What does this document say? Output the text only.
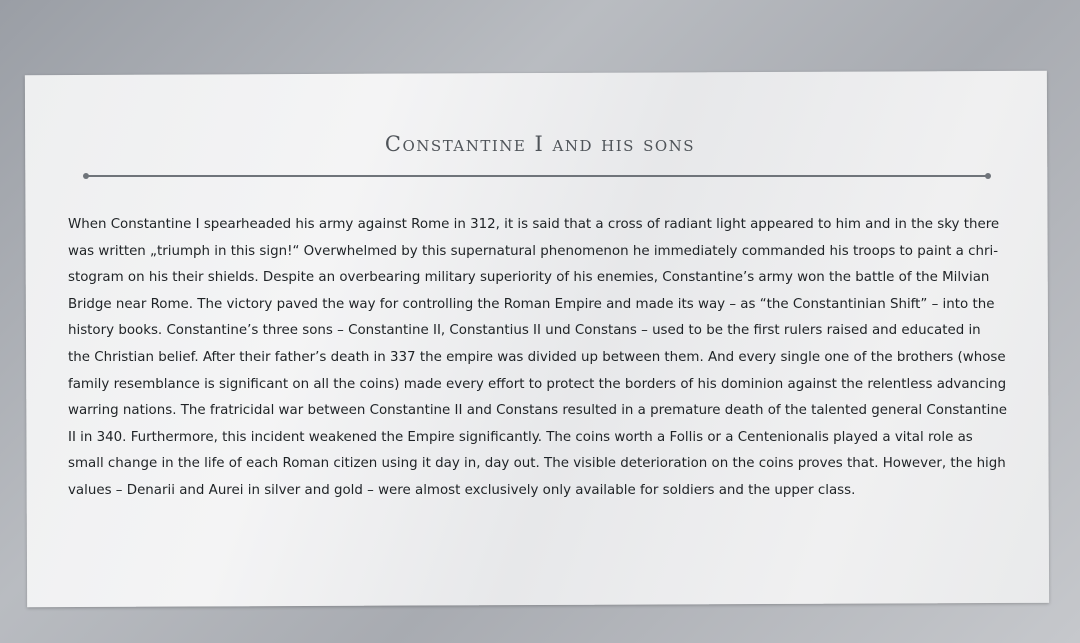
Constantine I and his sons

When Constantine I spearheaded his army against Rome in 312, it is said that a cross of radiant light appeared to him and in the sky there
was written „triumph in this sign!“ Overwhelmed by this supernatural phenomenon he immediately commanded his troops to paint a chri-
stogram on his their shields. Despite an overbearing military superiority of his enemies, Constantine’s army won the battle of the Milvian
Bridge near Rome. The victory paved the way for controlling the Roman Empire and made its way – as “the Constantinian Shift” – into the
history books. Constantine’s three sons – Constantine II, Constantius II und Constans – used to be the first rulers raised and educated in
the Christian belief. After their father’s death in 337 the empire was divided up between them. And every single one of the brothers (whose
family resemblance is significant on all the coins) made every effort to protect the borders of his dominion against the relentless advancing
warring nations. The fratricidal war between Constantine II and Constans resulted in a premature death of the talented general Constantine
II in 340. Furthermore, this incident weakened the Empire significantly. The coins worth a Follis or a Centenionalis played a vital role as
small change in the life of each Roman citizen using it day in, day out. The visible deterioration on the coins proves that. However, the high
values – Denarii and Aurei in silver and gold – were almost exclusively only available for soldiers and the upper class.
